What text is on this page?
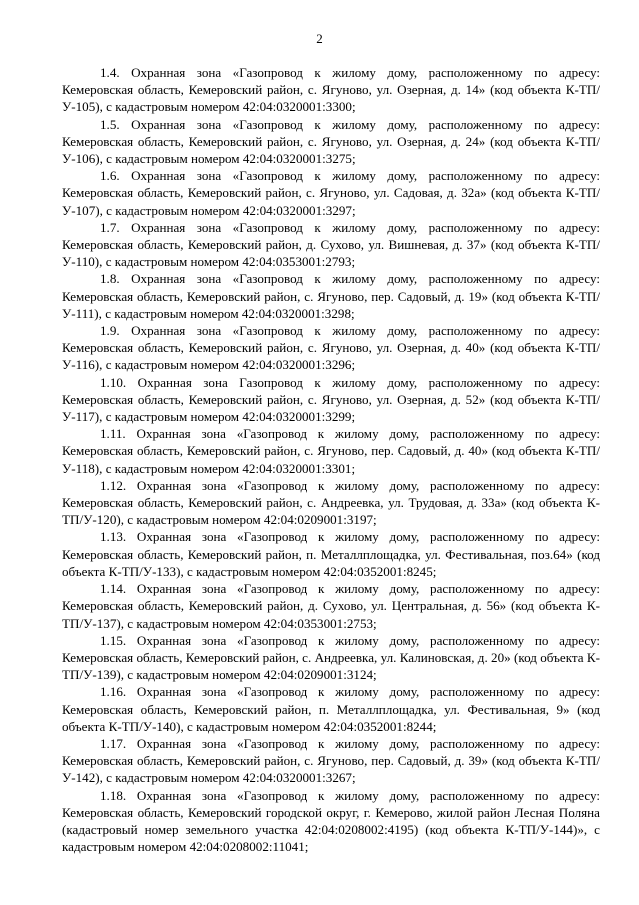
2

1.4. Охранная зона «Газопровод к жилому дому, расположенному по адресу: Кемеровская область, Кемеровский район, с. Ягуново, ул. Озерная, д. 14» (код объекта К-ТП/У-105), с кадастровым номером 42:04:0320001:3300;

1.5. Охранная зона «Газопровод к жилому дому, расположенному по адресу: Кемеровская область, Кемеровский район, с. Ягуново, ул. Озерная, д. 24» (код объекта К-ТП/У-106), с кадастровым номером 42:04:0320001:3275;

1.6. Охранная зона «Газопровод к жилому дому, расположенному по адресу: Кемеровская область, Кемеровский район, с. Ягуново, ул. Садовая, д. 32а» (код объекта К-ТП/У-107), с кадастровым номером 42:04:0320001:3297;

1.7. Охранная зона «Газопровод к жилому дому, расположенному по адресу: Кемеровская область, Кемеровский район, д. Сухово, ул. Вишневая, д. 37» (код объекта К-ТП/У-110), с кадастровым номером 42:04:0353001:2793;

1.8. Охранная зона «Газопровод к жилому дому, расположенному по адресу: Кемеровская область, Кемеровский район, с. Ягуново, пер. Садовый, д. 19» (код объекта К-ТП/У-111), с кадастровым номером 42:04:0320001:3298;

1.9. Охранная зона «Газопровод к жилому дому, расположенному по адресу: Кемеровская область, Кемеровский район, с. Ягуново, ул. Озерная, д. 40» (код объекта К-ТП/У-116), с кадастровым номером 42:04:0320001:3296;

1.10. Охранная зона Газопровод к жилому дому, расположенному по адресу: Кемеровская область, Кемеровский район, с. Ягуново, ул. Озерная, д. 52» (код объекта К-ТП/У-117), с кадастровым номером 42:04:0320001:3299;

1.11. Охранная зона «Газопровод к жилому дому, расположенному по адресу: Кемеровская область, Кемеровский район, с. Ягуново, пер. Садовый, д. 40» (код объекта К-ТП/У-118), с кадастровым номером 42:04:0320001:3301;

1.12. Охранная зона «Газопровод к жилому дому, расположенному по адресу: Кемеровская область, Кемеровский район, с. Андреевка, ул. Трудовая, д. 33а» (код объекта К-ТП/У-120), с кадастровым номером 42:04:0209001:3197;

1.13. Охранная зона «Газопровод к жилому дому, расположенному по адресу: Кемеровская область, Кемеровский район, п. Металлплощадка, ул. Фестивальная, поз.64» (код объекта К-ТП/У-133), с кадастровым номером 42:04:0352001:8245;

1.14. Охранная зона «Газопровод к жилому дому, расположенному по адресу: Кемеровская область, Кемеровский район, д. Сухово, ул. Центральная, д. 56» (код объекта К-ТП/У-137), с кадастровым номером 42:04:0353001:2753;

1.15. Охранная зона «Газопровод к жилому дому, расположенному по адресу: Кемеровская область, Кемеровский район, с. Андреевка, ул. Калиновская, д. 20» (код объекта К-ТП/У-139), с кадастровым номером 42:04:0209001:3124;

1.16. Охранная зона «Газопровод к жилому дому, расположенному по адресу: Кемеровская область, Кемеровский район, п. Металлплощадка, ул. Фестивальная, 9» (код объекта К-ТП/У-140), с кадастровым номером 42:04:0352001:8244;

1.17. Охранная зона «Газопровод к жилому дому, расположенному по адресу: Кемеровская область, Кемеровский район, с. Ягуново, пер. Садовый, д. 39» (код объекта К-ТП/У-142), с кадастровым номером 42:04:0320001:3267;

1.18. Охранная зона «Газопровод к жилому дому, расположенному по адресу: Кемеровская область, Кемеровский городской округ, г. Кемерово, жилой район Лесная Поляна (кадастровый номер земельного участка 42:04:0208002:4195) (код объекта К-ТП/У-144)», с кадастровым номером 42:04:0208002:11041;
